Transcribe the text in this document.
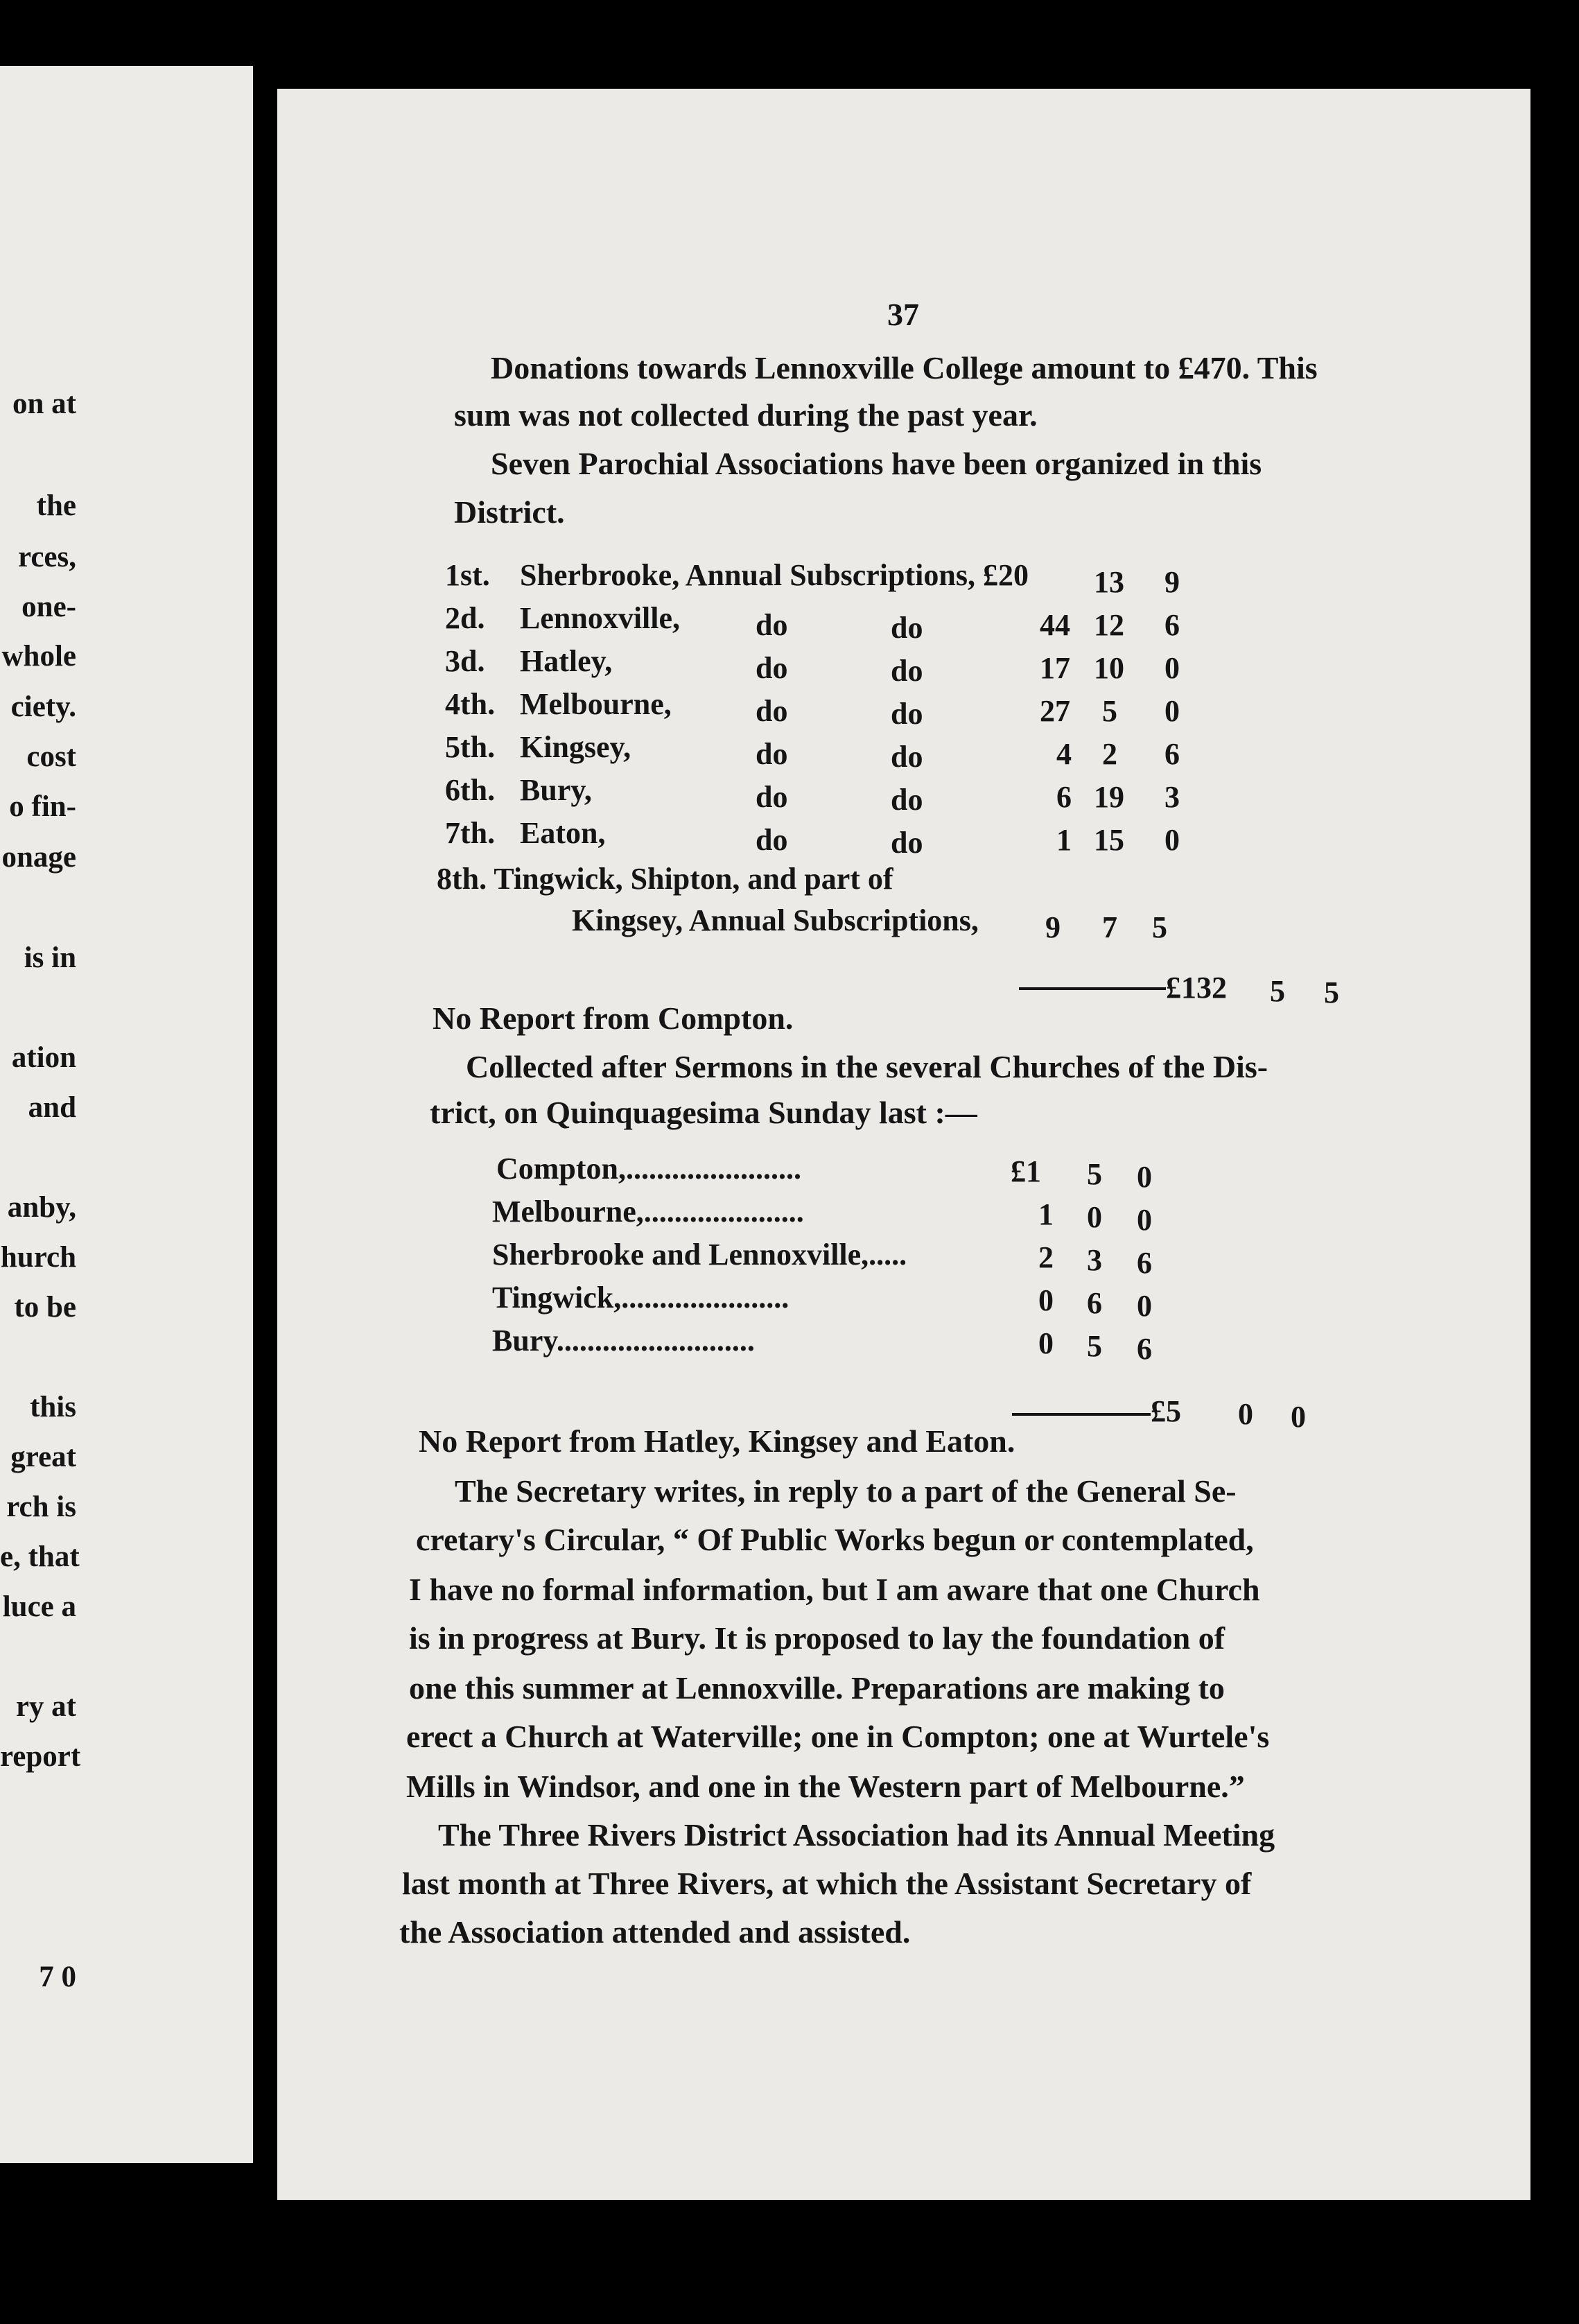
on at
the
rces,
one-
whole
ciety.
cost
o fin-
onage
is in
ation
and
anby,
hurch
to be
this
great
rch is
e, that
luce a
ry at
report
7 0
37
Donations towards Lennoxville College amount to £470. This
sum was not collected during the past year.
Seven Parochial Associations have been organized in this
District.
1st. Sherbrooke, Annual Subscriptions, £20 13 9
2d. Lennoxville, do	do	44 12 6
3d. Hatley,	do	do	17 10 0
4th. Melbourne,	do	do	27 5 0
5th. Kingsey,	do	do	4 2 6
6th. Bury,	do	do	6 19 3
7th. Eaton,	do	do	1 15 0
8th. Tingwick, Shipton, and part of
Kingsey, Annual Subscriptions, 9 7 5
£132 5 5
No Report from Compton.
Collected after Sermons in the several Churches of the Dis-
trict, on Quinquagesima Sunday last :—
Compton,.......................	£1 5 0
Melbourne,.....................	1 0 0
Sherbrooke and Lennoxville,.....	2 3 6
Tingwick,......................	0 6 0
Bury..........................	0 5 6
£5 0 0
No Report from Hatley, Kingsey and Eaton.
The Secretary writes, in reply to a part of the General Se-
cretary's Circular, “ Of Public Works begun or contemplated,
I have no formal information, but I am aware that one Church
is in progress at Bury. It is proposed to lay the foundation of
one this summer at Lennoxville. Preparations are making to
erect a Church at Waterville; one in Compton; one at Wurtele's
Mills in Windsor, and one in the Western part of Melbourne.”
The Three Rivers District Association had its Annual Meeting
last month at Three Rivers, at which the Assistant Secretary of
the Association attended and assisted.
